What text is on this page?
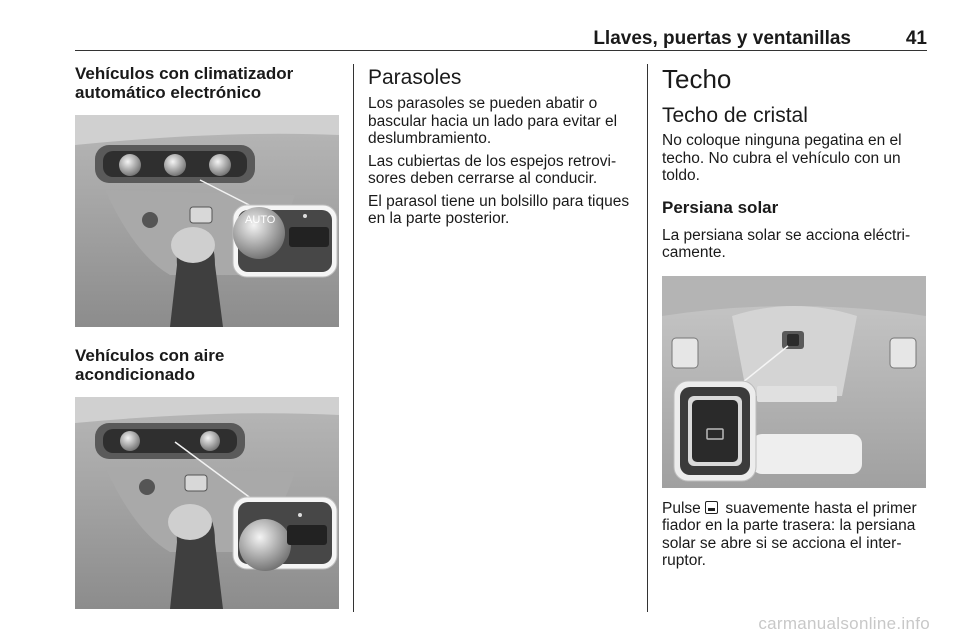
Llaves, puertas y ventanillas	41
Vehículos con climatizador automático electrónico
AUTO
Vehículos con aire acondicionado
Parasoles

Los parasoles se pueden abatir o bascular hacia un lado para evitar el deslumbramiento.

Las cubiertas de los espejos retrovi-sores deben cerrarse al conducir.

El parasol tiene un bolsillo para tiques en la parte posterior.

Techo
Techo de cristal

No coloque ninguna pegatina en el techo. No cubra el vehículo con un toldo.

Persiana solar

La persiana solar se acciona eléctri-camente.

Pulse  suavemente hasta el primer fiador en la parte trasera: la persiana solar se abre si se acciona el inter-ruptor.

carmanualsonline.info
